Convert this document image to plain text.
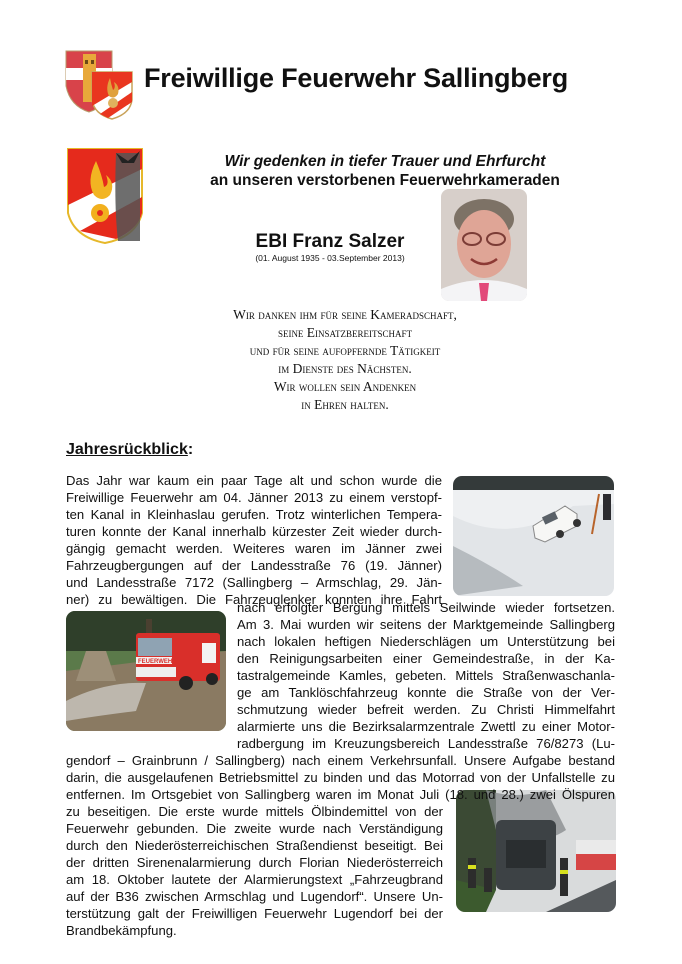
Freiwillige Feuerwehr Sallingberg
Wir gedenken in tiefer Trauer und Ehrfurcht
an unseren verstorbenen Feuerwehrkameraden
EBI Franz Salzer
(01. August 1935 - 03.September 2013)
Wir danken ihm für seine Kameradschaft,
seine Einsatzbereitschaft
und für seine aufopfernde Tätigkeit
im Dienste des Nächsten.
Wir wollen sein Andenken
in Ehren halten.
Jahresrückblick:
FEUERWEHR
Das Jahr war kaum ein paar Tage alt und schon wurde die
Freiwillige Feuerwehr am 04. Jänner 2013 zu einem verstopf-
ten Kanal in Kleinhaslau gerufen. Trotz winterlichen Tempera-
turen konnte der Kanal innerhalb kürzester Zeit wieder durch-
gängig gemacht werden. Weiteres waren im Jänner zwei
Fahrzeugbergungen auf der Landesstraße 76 (19. Jänner)
und Landesstraße 7172 (Sallingberg – Armschlag, 29. Jän-
ner) zu bewältigen. Die Fahrzeuglenker konnten ihre Fahrt
nach erfolgter Bergung mittels Seilwinde wieder fortsetzen.
Am 3. Mai wurden wir seitens der Marktgemeinde Sallingberg
nach lokalen heftigen Niederschlägen um Unterstützung bei
den Reinigungsarbeiten einer Gemeindestraße, in der Ka-
tastralgemeinde Kamles, gebeten. Mittels Straßenwaschanla-
ge am Tanklöschfahrzeug konnte die Straße von der Ver-
schmutzung wieder befreit werden. Zu Christi Himmelfahrt
alarmierte uns die Bezirksalarmzentrale Zwettl zu einer Motor-
radbergung im Kreuzungsbereich Landesstraße 76/8273 (Lu-
gendorf – Grainbrunn / Sallingberg) nach einem Verkehrsunfall. Unsere Aufgabe bestand
darin, die ausgelaufenen Betriebsmittel zu binden und das Motorrad von der Unfallstelle zu
entfernen. Im Ortsgebiet von Sallingberg waren im Monat Juli (18. und 28.) zwei Ölspuren
zu beseitigen. Die erste wurde mittels Ölbindemittel von der
Feuerwehr gebunden. Die zweite wurde nach Verständigung
durch den Niederösterreichischen Straßendienst beseitigt. Bei
der dritten Sirenenalarmierung durch Florian Niederösterreich
am 18. Oktober lautete der Alarmierungstext „Fahrzeugbrand
auf der B36 zwischen Armschlag und Lugendorf“. Unsere Un-
terstützung galt der Freiwilligen Feuerwehr Lugendorf bei der
Brandbekämpfung.
